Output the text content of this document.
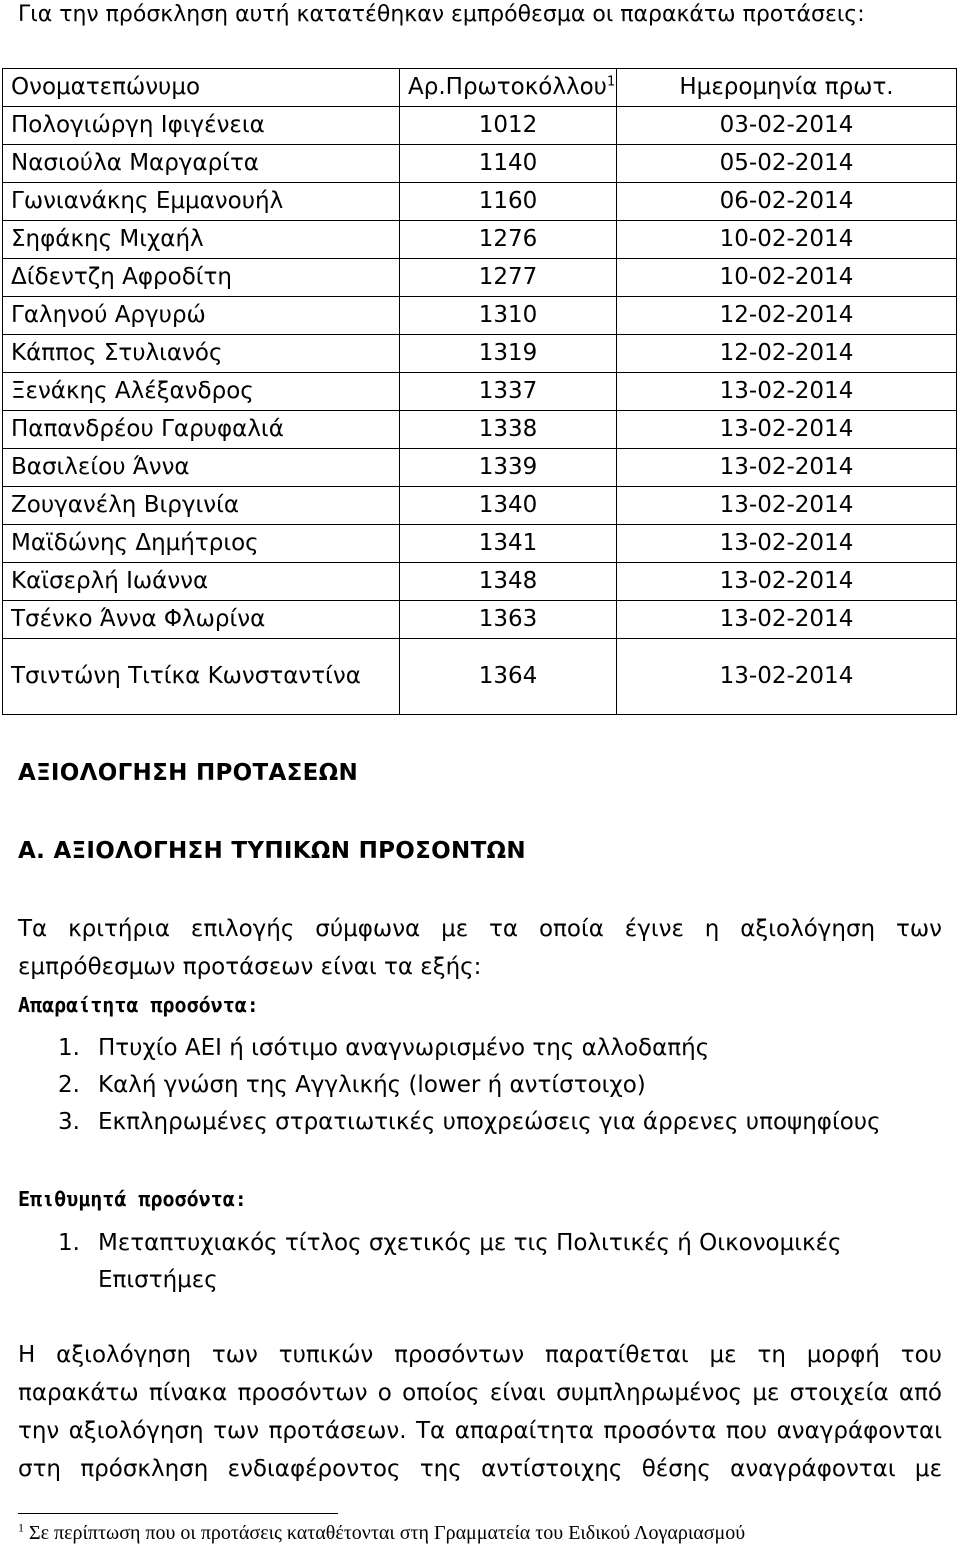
Για την πρόσκληση αυτή κατατέθηκαν εμπρόθεσμα οι παρακάτω προτάσεις:
Ονοματεπώνυμο	Αρ.Πρωτοκόλλου$^1$	Ημερομηνία πρωτ.
Πολογιώργη Ιφιγένεια	1012	03-02-2014
Νασιούλα Μαργαρίτα	1140	05-02-2014
Γωνιανάκης Εμμανουήλ	1160	06-02-2014
Σηφάκης Μιχαήλ	1276	10-02-2014
Δίδεντζη Αφροδίτη	1277	10-02-2014
Γαληνού Αργυρώ	1310	12-02-2014
Κάππος Στυλιανός	1319	12-02-2014
Ξενάκης Αλέξανδρος	1337	13-02-2014
Παπανδρέου Γαρυφαλιά	1338	13-02-2014
Βασιλείου Άννα	1339	13-02-2014
Ζουγανέλη Βιργινία	1340	13-02-2014
Μαϊδώνης Δημήτριος	1341	13-02-2014
Καϊσερλή Ιωάννα	1348	13-02-2014
Τσένκο Άννα Φλωρίνα	1363	13-02-2014
Τσιντώνη Τιτίκα Κωνσταντίνα	1364	13-02-2014
ΑΞΙΟΛΟΓΗΣΗ ΠΡΟΤΑΣΕΩΝ
Α. ΑΞΙΟΛΟΓΗΣΗ ΤΥΠΙΚΩΝ ΠΡΟΣΟΝΤΩΝ
Τα κριτήρια επιλογής σύμφωνα με τα οποία έγινε η αξιολόγηση των
εμπρόθεσμων προτάσεων είναι τα εξής:
Απαραίτητα προσόντα:
1. Πτυχίο ΑΕΙ ή ισότιμο αναγνωρισμένο της αλλοδαπής
2. Καλή γνώση της Αγγλικής (lower ή αντίστοιχο)
3. Εκπληρωμένες στρατιωτικές υποχρεώσεις για άρρενες υποψηφίους
Επιθυμητά προσόντα:
1. Μεταπτυχιακός τίτλος σχετικός με τις Πολιτικές ή Οικονομικές
Επιστήμες
Η αξιολόγηση των τυπικών προσόντων παρατίθεται με τη μορφή του
παρακάτω πίνακα προσόντων ο οποίος είναι συμπληρωμένος με στοιχεία από
την αξιολόγηση των προτάσεων. Τα απαραίτητα προσόντα που αναγράφονται
στη πρόσκληση ενδιαφέροντος της αντίστοιχης θέσης αναγράφονται με
$^1$ Σε περίπτωση που οι προτάσεις καταθέτονται στη Γραμματεία του Ειδικού Λογαριασμού
